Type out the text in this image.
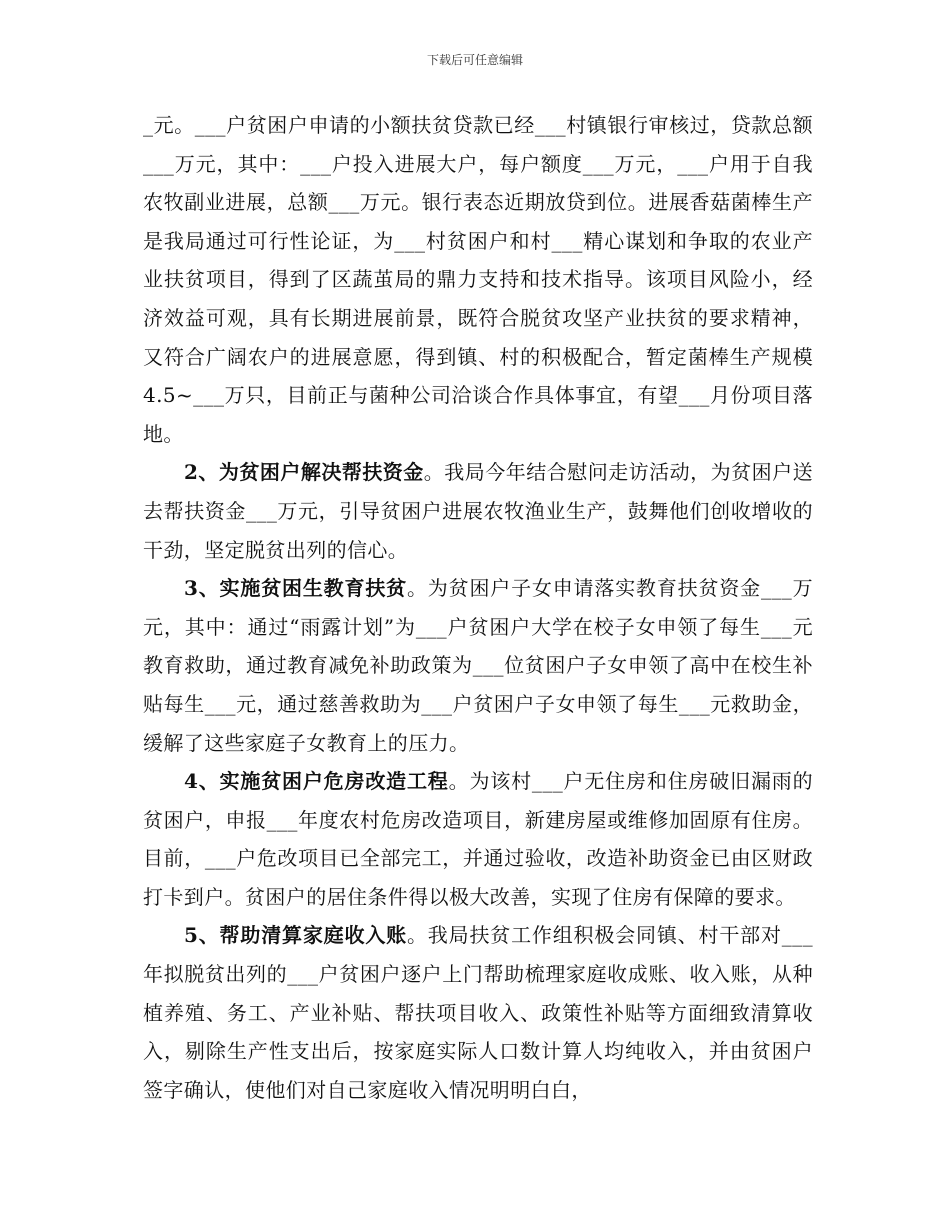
下载后可任意编辑

_元。___户贫困户申请的小额扶贫贷款已经___村镇银行审核过，贷款总额___万元，其中：___户投入进展大户，每户额度___万元，___户用于自我农牧副业进展，总额___万元。银行表态近期放贷到位。进展香菇菌棒生产是我局通过可行性论证，为___村贫困户和村___精心谋划和争取的农业产业扶贫项目，得到了区蔬茧局的鼎力支持和技术指导。该项目风险小，经济效益可观，具有长期进展前景，既符合脱贫攻坚产业扶贫的要求精神，又符合广阔农户的进展意愿，得到镇、村的积极配合，暂定菌棒生产规模4.5~___万只，目前正与菌种公司洽谈合作具体事宜，有望___月份项目落地。

2、为贫困户解决帮扶资金。我局今年结合慰问走访活动，为贫困户送去帮扶资金___万元，引导贫困户进展农牧渔业生产，鼓舞他们创收增收的干劲，坚定脱贫出列的信心。

3、实施贫困生教育扶贫。为贫困户子女申请落实教育扶贫资金___万元，其中：通过“雨露计划”为___户贫困户大学在校子女申领了每生___元教育救助，通过教育减免补助政策为___位贫困户子女申领了高中在校生补贴每生___元，通过慈善救助为___户贫困户子女申领了每生___元救助金，缓解了这些家庭子女教育上的压力。

4、实施贫困户危房改造工程。为该村___户无住房和住房破旧漏雨的贫困户，申报___年度农村危房改造项目，新建房屋或维修加固原有住房。目前，___户危改项目已全部完工，并通过验收，改造补助资金已由区财政打卡到户。贫困户的居住条件得以极大改善，实现了住房有保障的要求。

5、帮助清算家庭收入账。我局扶贫工作组积极会同镇、村干部对___年拟脱贫出列的___户贫困户逐户上门帮助梳理家庭收成账、收入账，从种植养殖、务工、产业补贴、帮扶项目收入、政策性补贴等方面细致清算收入，剔除生产性支出后，按家庭实际人口数计算人均纯收入，并由贫困户签字确认，使他们对自己家庭收入情况明明白白，
